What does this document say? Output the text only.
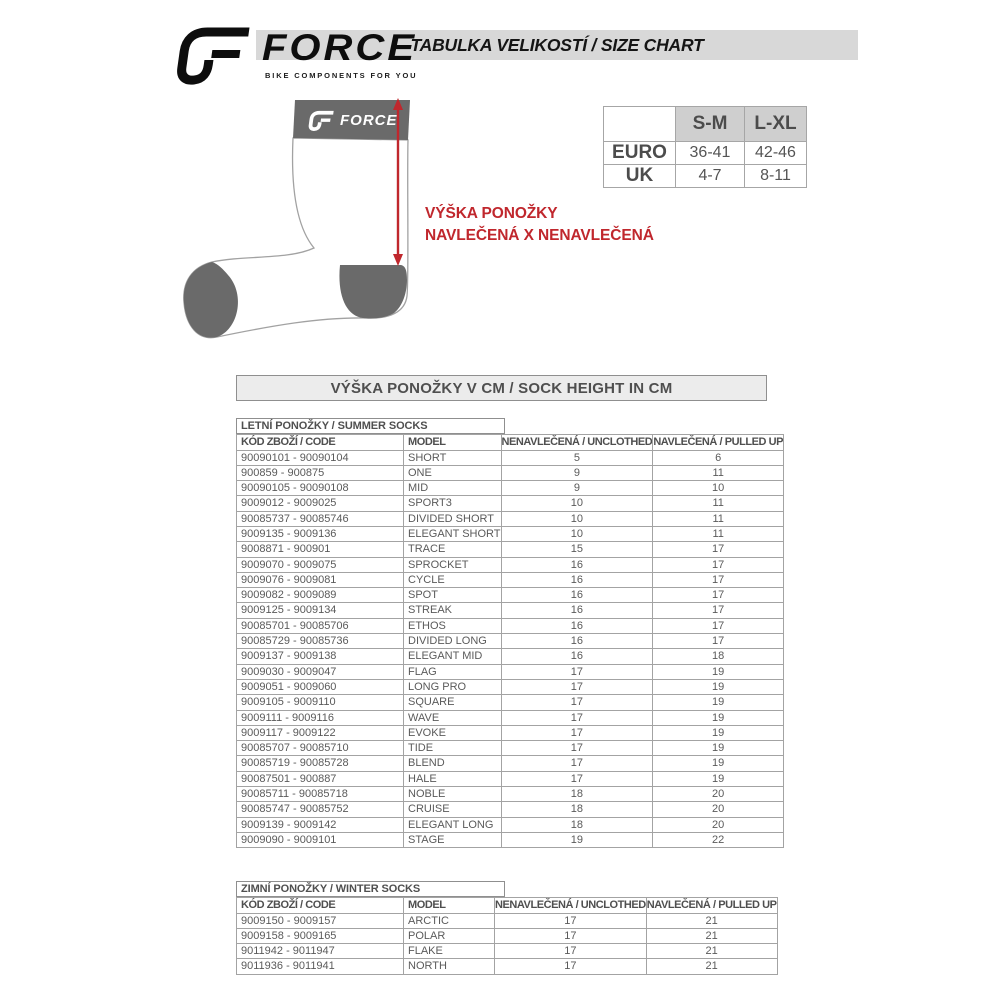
TABULKA VELIKOSTÍ / SIZE CHART
FORCE
BIKE COMPONENTS FOR YOU
FORCE
VÝŠKA PONOŽKY
NAVLEČENÁ X NENAVLEČENÁ
	S-M	L-XL
EURO	36-41	42-46
UK	4-7	8-11
VÝŠKA PONOŽKY V CM / SOCK HEIGHT IN CM
LETNÍ PONOŽKY / SUMMER SOCKS
KÓD ZBOŽÍ / CODE	MODEL	NENAVLEČENÁ / UNCLOTHED	NAVLEČENÁ / PULLED UP
90090101 - 90090104	SHORT	5	6
900859 - 900875	ONE	9	11
90090105 - 90090108	MID	9	10
9009012 - 9009025	SPORT3	10	11
90085737 - 90085746	DIVIDED SHORT	10	11
9009135 - 9009136	ELEGANT SHORT	10	11
9008871 - 900901	TRACE	15	17
9009070 - 9009075	SPROCKET	16	17
9009076 - 9009081	CYCLE	16	17
9009082 - 9009089	SPOT	16	17
9009125 - 9009134	STREAK	16	17
90085701 - 90085706	ETHOS	16	17
90085729 - 90085736	DIVIDED LONG	16	17
9009137 - 9009138	ELEGANT MID	16	18
9009030 - 9009047	FLAG	17	19
9009051 - 9009060	LONG PRO	17	19
9009105 - 9009110	SQUARE	17	19
9009111 - 9009116	WAVE	17	19
9009117 - 9009122	EVOKE	17	19
90085707 - 90085710	TIDE	17	19
90085719 - 90085728	BLEND	17	19
90087501 - 900887	HALE	17	19
90085711 - 90085718	NOBLE	18	20
90085747 - 90085752	CRUISE	18	20
9009139 - 9009142	ELEGANT LONG	18	20
9009090 - 9009101	STAGE	19	22
ZIMNÍ PONOŽKY / WINTER SOCKS
KÓD ZBOŽÍ / CODE	MODEL	NENAVLEČENÁ / UNCLOTHED	NAVLEČENÁ / PULLED UP
9009150 - 9009157	ARCTIC	17	21
9009158 - 9009165	POLAR	17	21
9011942 - 9011947	FLAKE	17	21
9011936 - 9011941	NORTH	17	21
